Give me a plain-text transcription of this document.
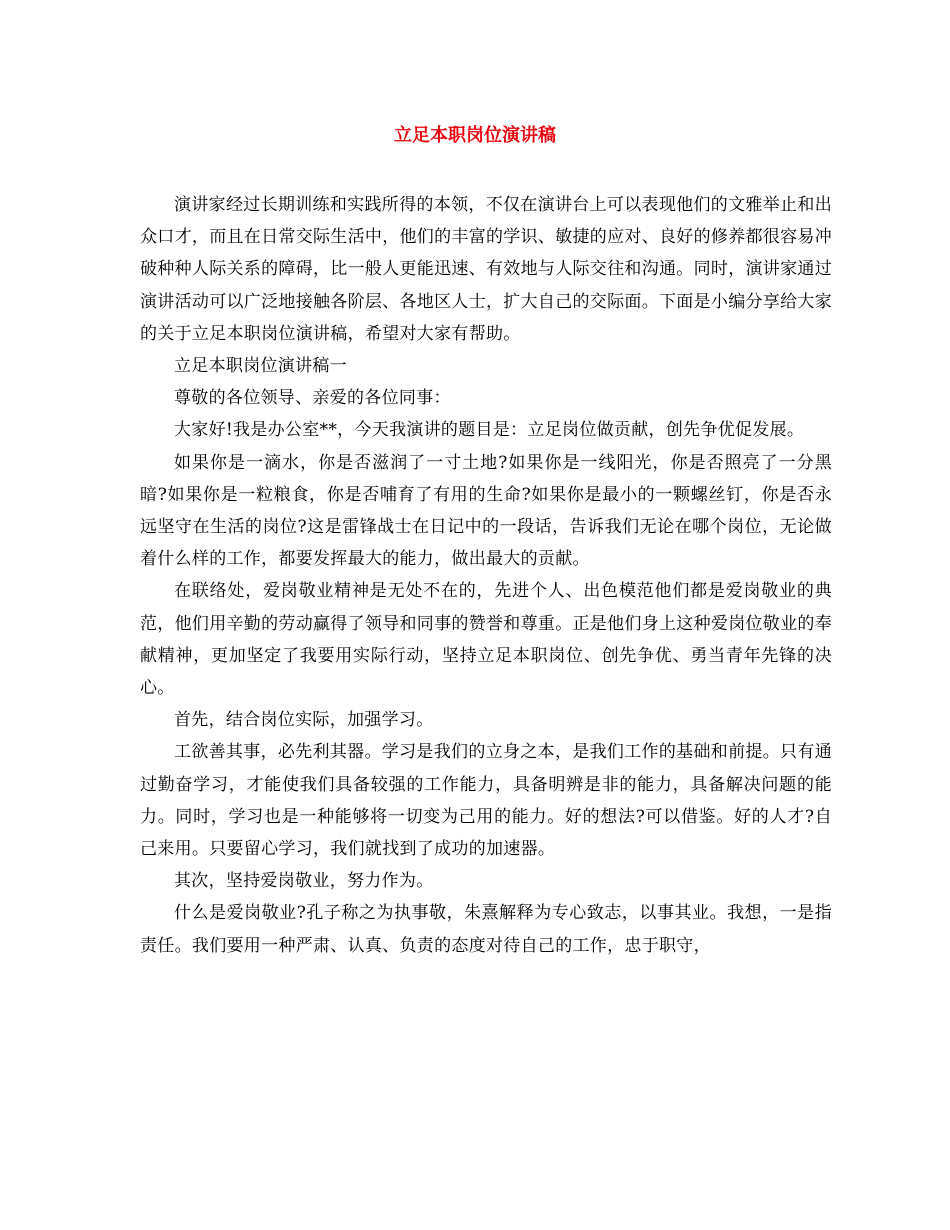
立足本职岗位演讲稿

演讲家经过长期训练和实践所得的本领，不仅在演讲台上可以表现他们的文雅举止和出众口才，而且在日常交际生活中，他们的丰富的学识、敏捷的应对、良好的修养都很容易冲破种种人际关系的障碍，比一般人更能迅速、有效地与人际交往和沟通。同时，演讲家通过演讲活动可以广泛地接触各阶层、各地区人士，扩大自己的交际面。下面是小编分享给大家的关于立足本职岗位演讲稿，希望对大家有帮助。

立足本职岗位演讲稿一

尊敬的各位领导、亲爱的各位同事：

大家好!我是办公室**，今天我演讲的题目是：立足岗位做贡献，创先争优促发展。

如果你是一滴水，你是否滋润了一寸土地?如果你是一线阳光，你是否照亮了一分黑暗?如果你是一粒粮食，你是否哺育了有用的生命?如果你是最小的一颗螺丝钉，你是否永远坚守在生活的岗位?这是雷锋战士在日记中的一段话，告诉我们无论在哪个岗位，无论做着什么样的工作，都要发挥最大的能力，做出最大的贡献。

在联络处，爱岗敬业精神是无处不在的，先进个人、出色模范他们都是爱岗敬业的典范，他们用辛勤的劳动赢得了领导和同事的赞誉和尊重。正是他们身上这种爱岗位敬业的奉献精神，更加坚定了我要用实际行动，坚持立足本职岗位、创先争优、勇当青年先锋的决心。

首先，结合岗位实际，加强学习。

工欲善其事，必先利其器。学习是我们的立身之本，是我们工作的基础和前提。只有通过勤奋学习，才能使我们具备较强的工作能力，具备明辨是非的能力，具备解决问题的能力。同时，学习也是一种能够将一切变为己用的能力。好的想法?可以借鉴。好的人才?自己来用。只要留心学习，我们就找到了成功的加速器。

其次，坚持爱岗敬业，努力作为。

什么是爱岗敬业?孔子称之为执事敬，朱熹解释为专心致志，以事其业。我想，一是指责任。我们要用一种严肃、认真、负责的态度对待自己的工作，忠于职守，
